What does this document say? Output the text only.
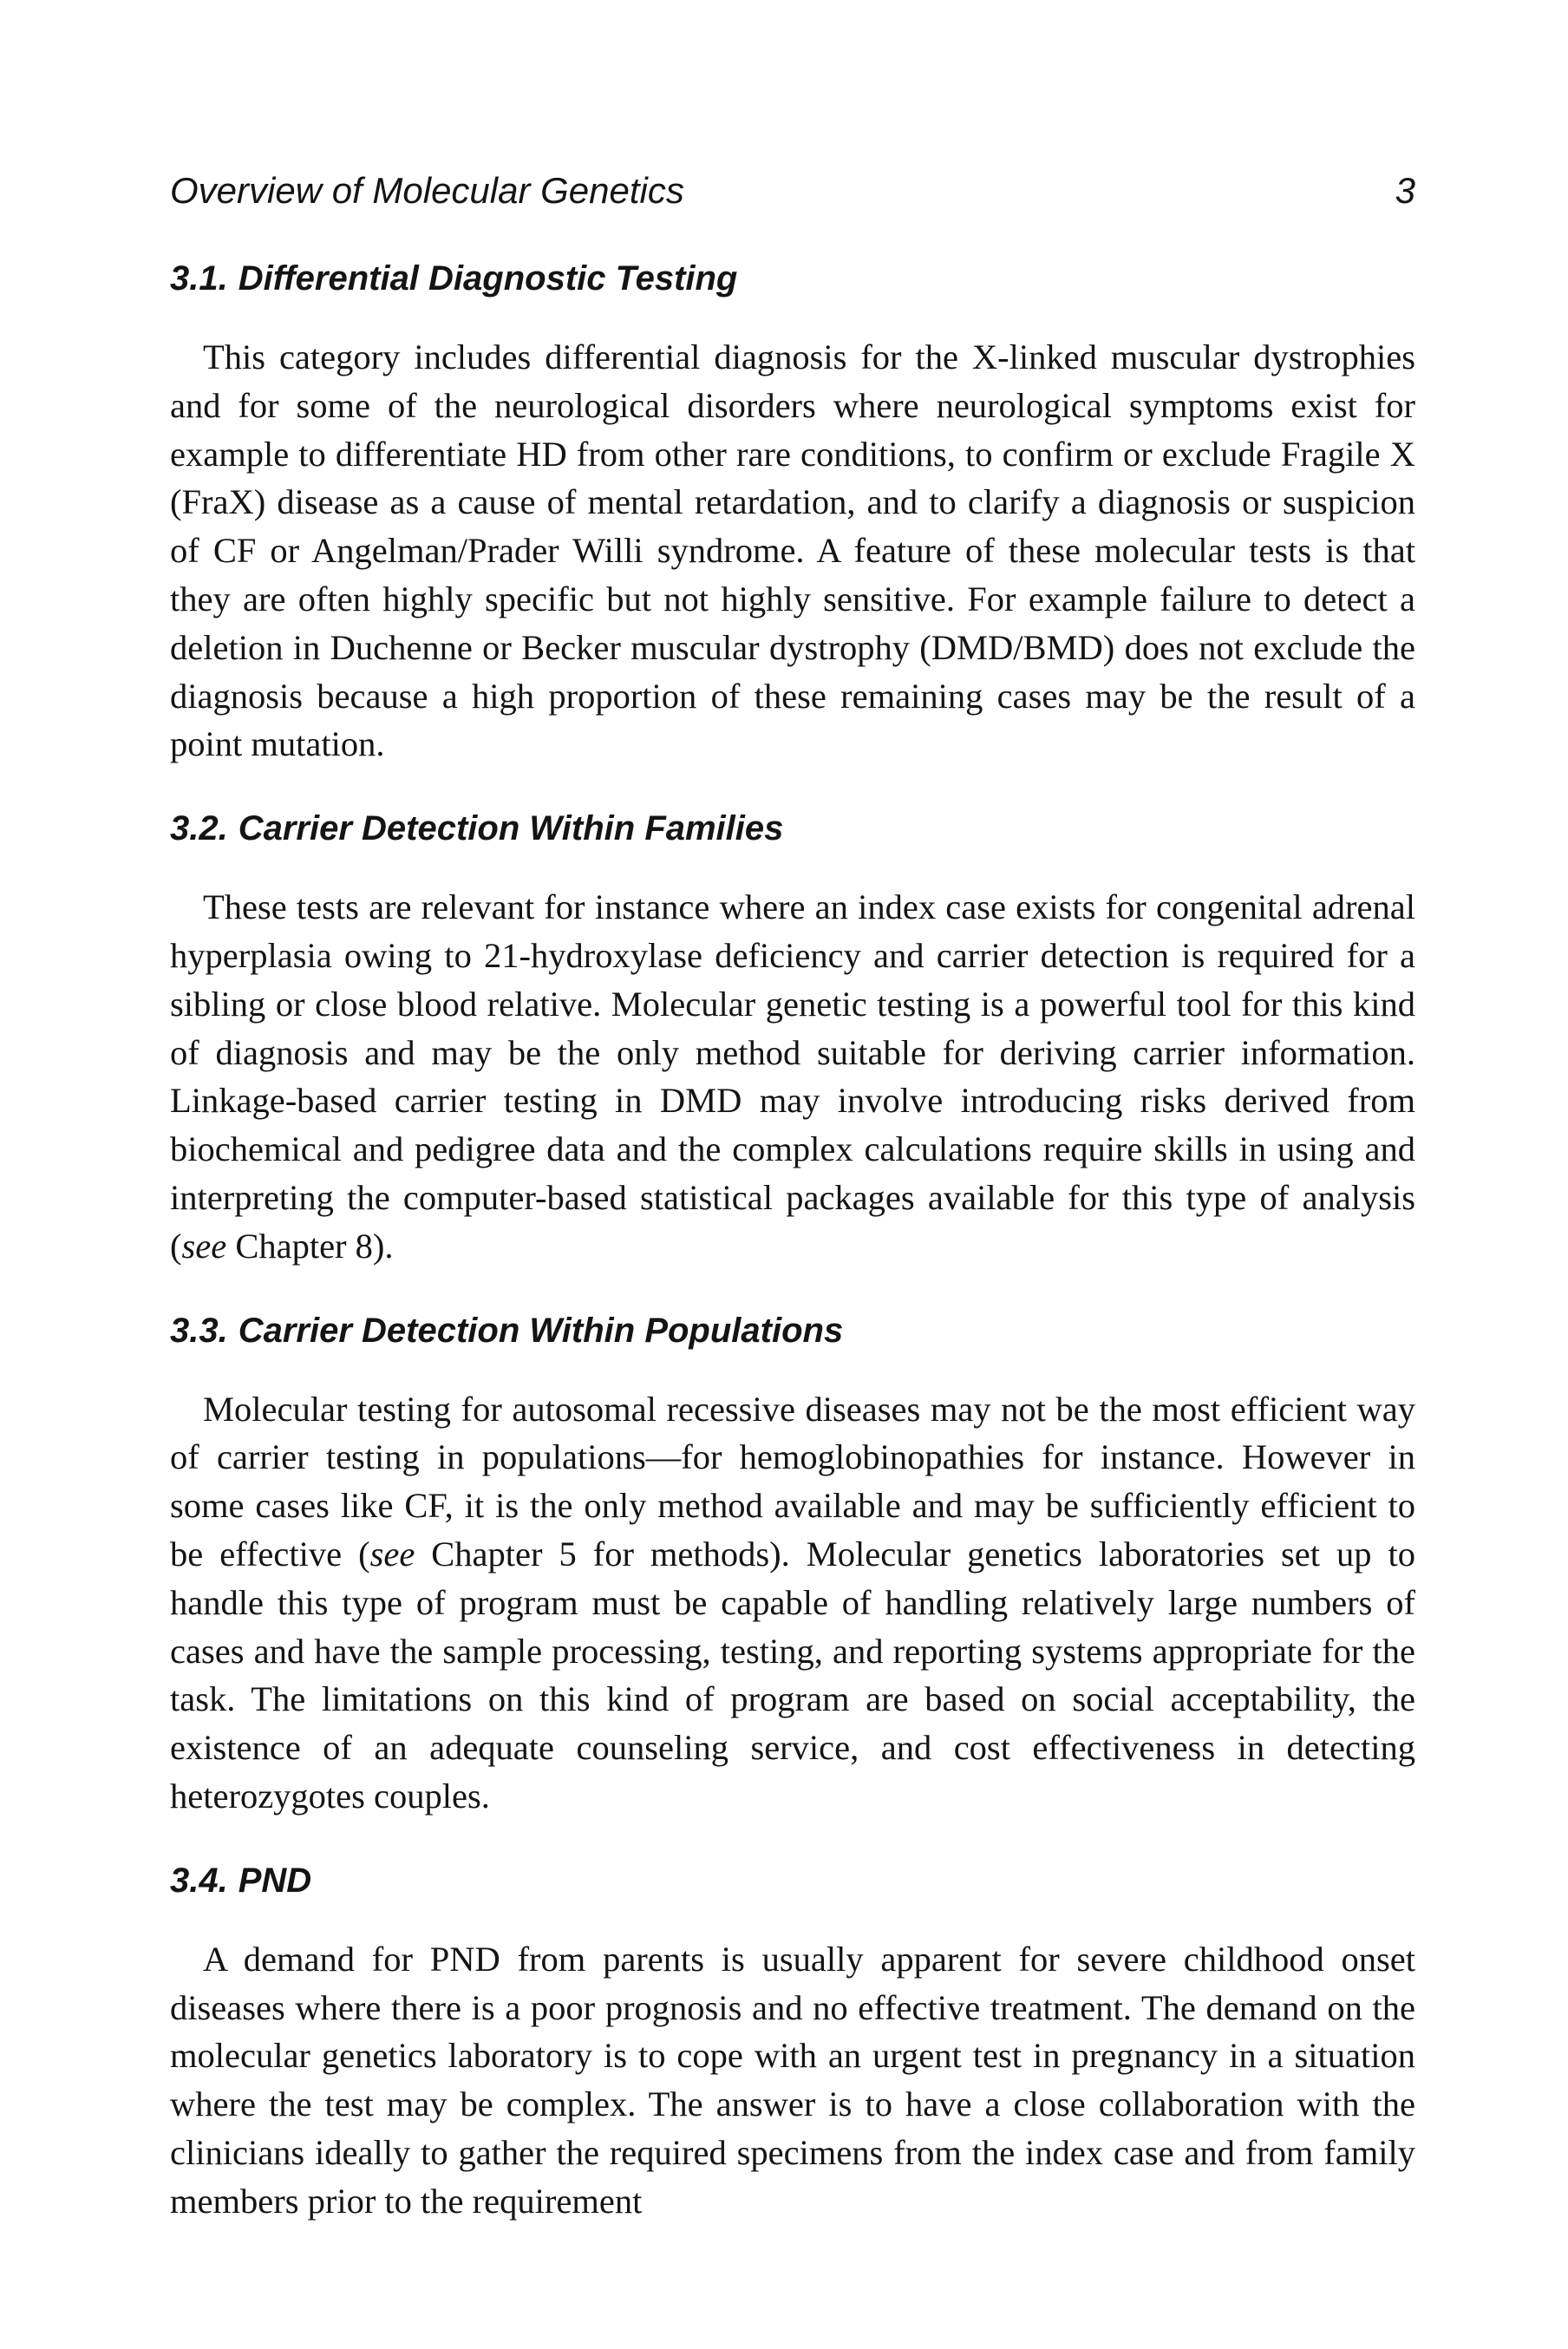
Overview of Molecular Genetics	3
3.1. Differential Diagnostic Testing

This category includes differential diagnosis for the X-linked muscular dystrophies and for some of the neurological disorders where neurological symptoms exist for example to differentiate HD from other rare conditions, to confirm or exclude Fragile X (FraX) disease as a cause of mental retardation, and to clarify a diagnosis or suspicion of CF or Angelman/Prader Willi syndrome. A feature of these molecular tests is that they are often highly specific but not highly sensitive. For example failure to detect a deletion in Duchenne or Becker muscular dystrophy (DMD/BMD) does not exclude the diagnosis because a high proportion of these remaining cases may be the result of a point mutation.

3.2. Carrier Detection Within Families

These tests are relevant for instance where an index case exists for congenital adrenal hyperplasia owing to 21-hydroxylase deficiency and carrier detection is required for a sibling or close blood relative. Molecular genetic testing is a powerful tool for this kind of diagnosis and may be the only method suitable for deriving carrier information. Linkage-based carrier testing in DMD may involve introducing risks derived from biochemical and pedigree data and the complex calculations require skills in using and interpreting the computer-based statistical packages available for this type of analysis (see Chapter 8).

3.3. Carrier Detection Within Populations

Molecular testing for autosomal recessive diseases may not be the most efficient way of carrier testing in populations—for hemoglobinopathies for instance. However in some cases like CF, it is the only method available and may be sufficiently efficient to be effective (see Chapter 5 for methods). Molecular genetics laboratories set up to handle this type of program must be capable of handling relatively large numbers of cases and have the sample processing, testing, and reporting systems appropriate for the task. The limitations on this kind of program are based on social acceptability, the existence of an adequate counseling service, and cost effectiveness in detecting heterozygotes couples.

3.4. PND

A demand for PND from parents is usually apparent for severe childhood onset diseases where there is a poor prognosis and no effective treatment. The demand on the molecular genetics laboratory is to cope with an urgent test in pregnancy in a situation where the test may be complex. The answer is to have a close collaboration with the clinicians ideally to gather the required specimens from the index case and from family members prior to the requirement
